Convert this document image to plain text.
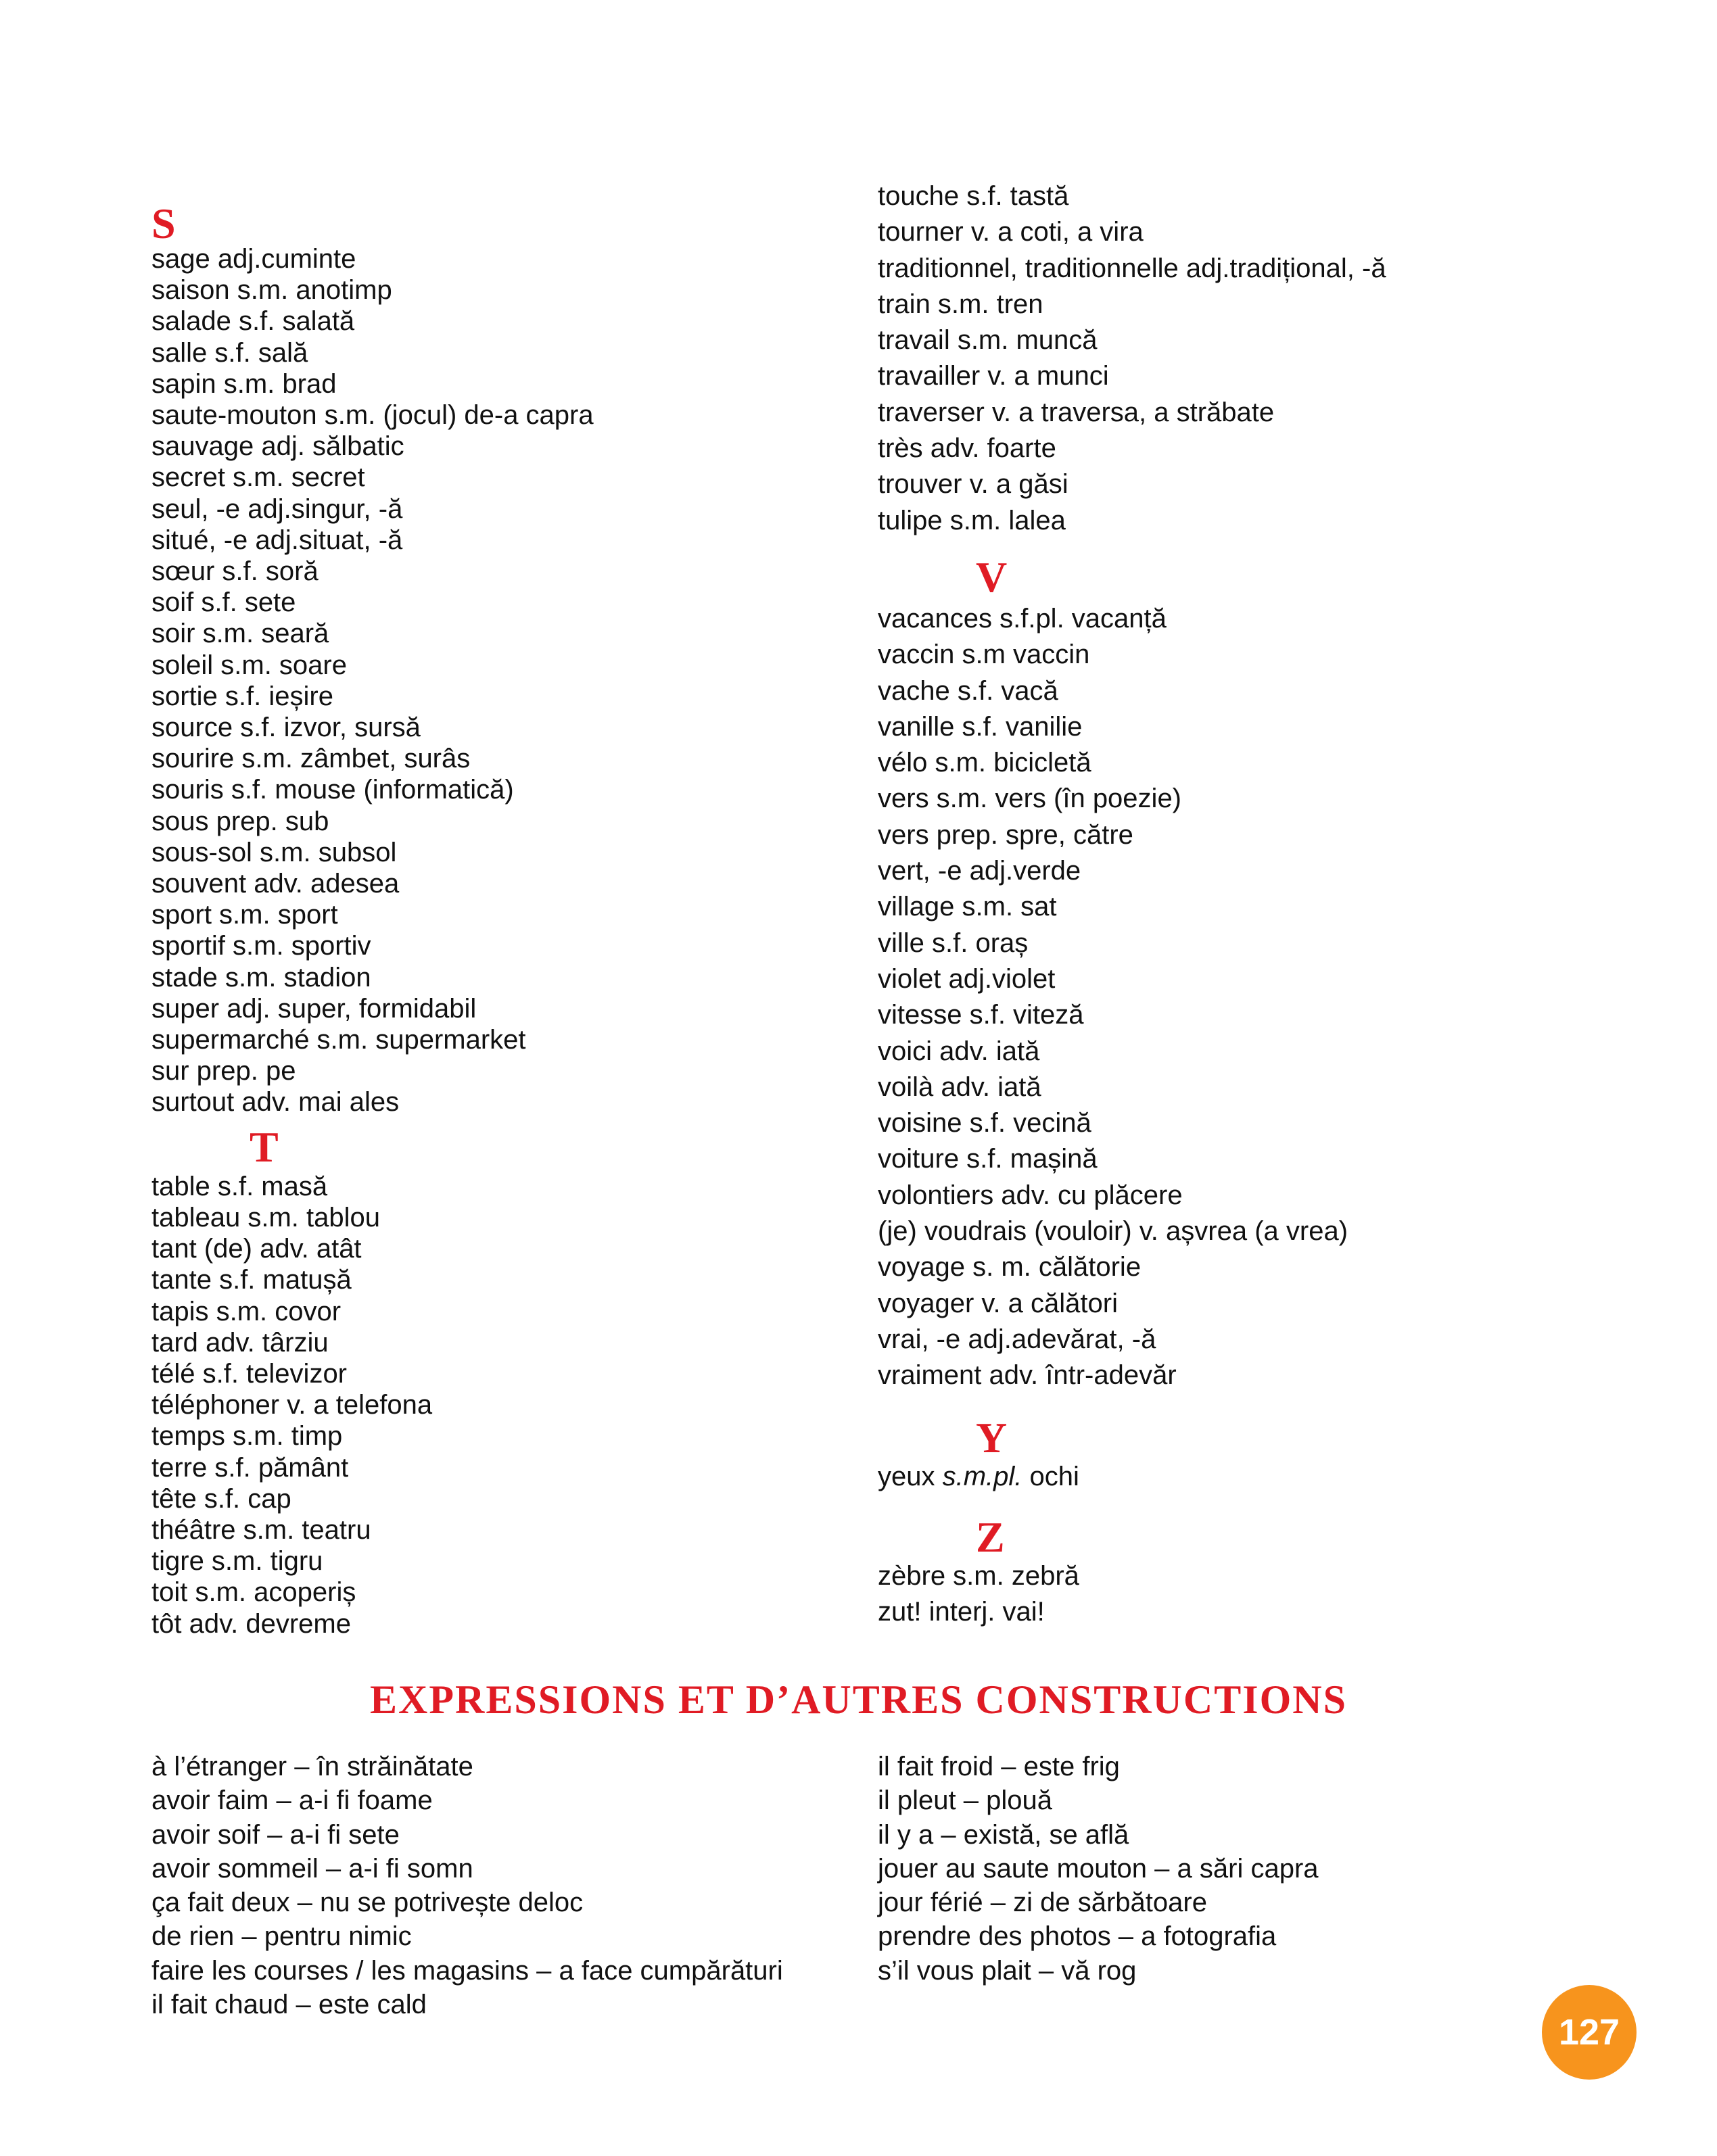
S
sage adj.cuminte
saison s.m. anotimp
salade s.f. salată
salle s.f. sală
sapin s.m. brad
saute-mouton s.m. (jocul) de-a capra
sauvage adj. sălbatic
secret s.m. secret
seul, -e adj.singur, -ă
situé, -e adj.situat, -ă
sœur s.f. soră
soif s.f. sete
soir s.m. seară
soleil s.m. soare
sortie s.f. ieșire
source s.f. izvor, sursă
sourire s.m. zâmbet, surâs
souris s.f. mouse (informatică)
sous prep. sub
sous-sol s.m. subsol
souvent adv. adesea
sport s.m. sport
sportif s.m. sportiv
stade s.m. stadion
super adj. super, formidabil
supermarché s.m. supermarket
sur prep. pe
surtout adv. mai ales
T
table s.f. masă
tableau s.m. tablou
tant (de) adv. atât
tante s.f. matușă
tapis s.m. covor
tard adv. târziu
télé s.f. televizor
téléphoner v. a telefona
temps s.m. timp
terre s.f. pământ
tête s.f. cap
théâtre s.m. teatru
tigre s.m. tigru
toit s.m. acoperiș
tôt adv. devreme
touche s.f. tastă
tourner v. a coti, a vira
traditionnel, traditionnelle adj.tradițional, -ă
train s.m. tren
travail s.m. muncă
travailler v. a munci
traverser v. a traversa, a străbate
très adv. foarte
trouver v. a găsi
tulipe s.m. lalea
V
vacances s.f.pl. vacanță
vaccin s.m vaccin
vache s.f. vacă
vanille s.f. vanilie
vélo s.m. bicicletă
vers s.m. vers (în poezie)
vers prep. spre, către
vert, -e adj.verde
village s.m. sat
ville s.f. oraș
violet adj.violet
vitesse s.f. viteză
voici adv. iată
voilà adv. iată
voisine s.f. vecină
voiture s.f. mașină
volontiers adv. cu plăcere
(je) voudrais (vouloir) v. așvrea (a vrea)
voyage s. m. călătorie
voyager v. a călători
vrai, -e adj.adevărat, -ă
vraiment adv. într-adevăr
Y
yeux s.m.pl. ochi
Z
zèbre s.m. zebră
zut! interj. vai!
EXPRESSIONS ET D’AUTRES CONSTRUCTIONS
à l’étranger – în străinătate
avoir faim – a-i fi foame
avoir soif – a-i fi sete
avoir sommeil – a-i fi somn
ça fait deux – nu se potrivește deloc
de rien – pentru nimic
faire les courses / les magasins – a face cumpărături
il fait chaud – este cald
il fait froid – este frig
il pleut – plouă
il y a – există, se află
jouer au saute mouton – a sări capra
jour férié – zi de sărbătoare
prendre des photos – a fotografia
s’il vous plait – vă rog
127
